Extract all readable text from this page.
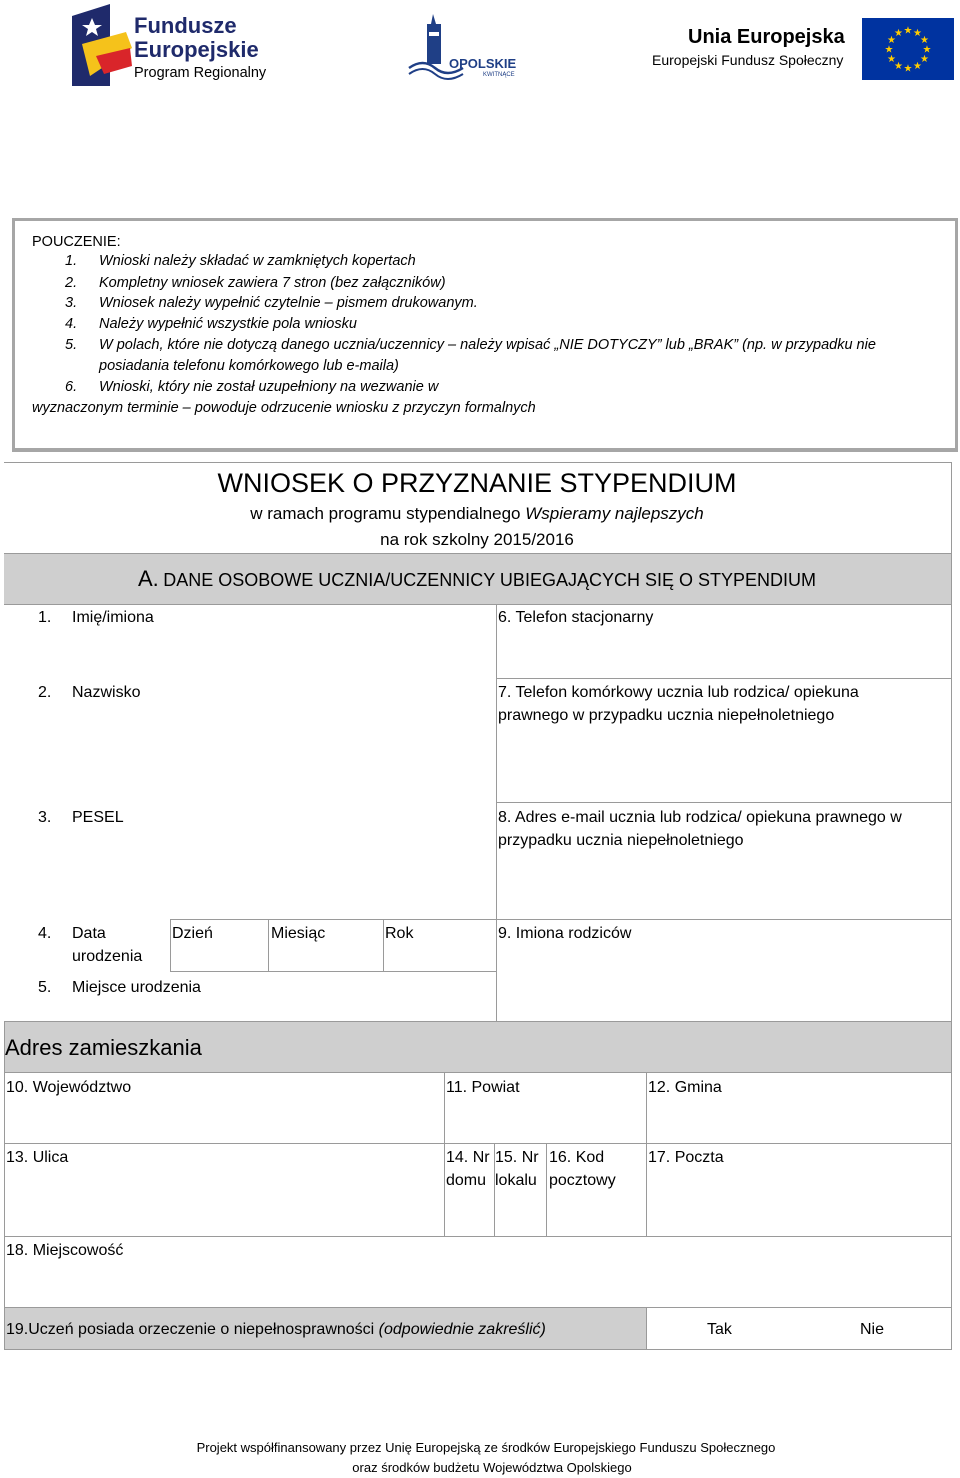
Fundusze
Europejskie
Program Regionalny
OPOLSKIE
KWITNĄCE
Unia Europejska
Europejski Fundusz Społeczny
★ ★
★
★
★
★
★
★
★
★
★
★
POUCZENIE:
1. Wnioski należy składać w zamkniętych kopertach
2. Kompletny wniosek zawiera 7 stron (bez załączników)
3. Wniosek należy wypełnić czytelnie – pismem drukowanym.
4. Należy wypełnić wszystkie pola wniosku
5. W polach, które nie dotyczą danego ucznia/uczennicy – należy wpisać „NIE DOTYCZY” lub „BRAK” (np. w przypadku nie
posiadania telefonu komórkowego lub e-maila)
6. Wnioski, który nie został uzupełniony na wezwanie w
wyznaczonym terminie – powoduje odrzucenie wniosku z przyczyn formalnych
WNIOSEK O PRZYZNANIE STYPENDIUM
w ramach programu stypendialnego Wspieramy najlepszych
na rok szkolny 2015/2016
A. DANE OSOBOWE UCZNIA/UCZENNICY UBIEGAJĄCYCH SIĘ O STYPENDIUM
1. Imię/imiona
2. Nazwisko
3. PESEL
4. Data
urodzenia
Dzień	Miesiąc	Rok
5. Miejsce urodzenia
6. Telefon stacjonarny
7. Telefon komórkowy ucznia lub rodzica/ opiekuna
prawnego w przypadku ucznia niepełnoletniego
8. Adres e-mail ucznia lub rodzica/ opiekuna prawnego w
przypadku ucznia niepełnoletniego
9. Imiona rodziców
Adres zamieszkania
10. Województwo	11. Powiat	12. Gmina
13. Ulica	14. Nr
domu
15. Nr
lokalu
16. Kod
pocztowy
17. Poczta
18. Miejscowość
19.Uczeń posiada orzeczenie o niepełnosprawności (odpowiednie zakreślić)	Tak	Nie
Projekt współfinansowany przez Unię Europejską ze środków Europejskiego Funduszu Społecznego
oraz środków budżetu Województwa Opolskiego
